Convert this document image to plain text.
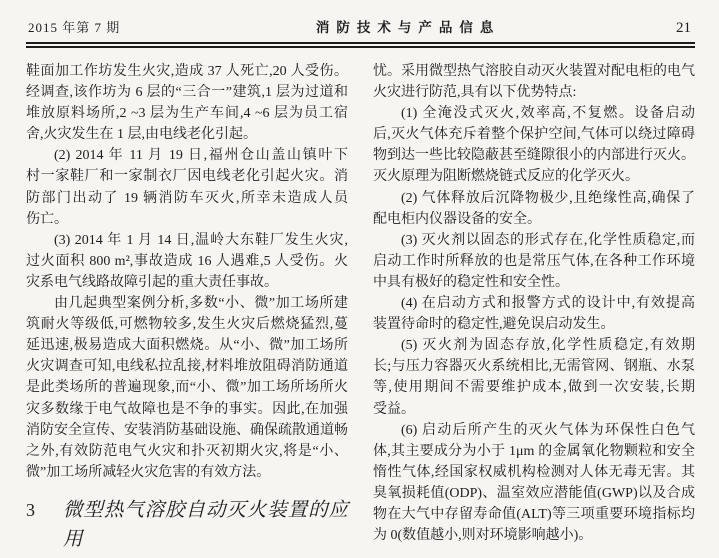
2015 年第 7 期	消防技术与产品信息	21
鞋面加工作坊发生火灾,造成 37 人死亡,20 人受伤。
经调查,该作坊为 6 层的“三合一”建筑,1 层为过道和
堆放原料场所,2 ~3 层为生产车间,4 ~6 层为员工宿
舍,火灾发生在 1 层,由电线老化引起。
(2) 2014 年 11 月 19 日,福州仓山盖山镇叶下
村一家鞋厂和一家制衣厂因电线老化引起火灾。消
防部门出动了 19 辆消防车灭火,所幸未造成人员
伤亡。
(3) 2014 年 1 月 14 日,温岭大东鞋厂发生火灾,
过火面积 800 m²,事故造成 16 人遇难,5 人受伤。火
灾系电气线路故障引起的重大责任事故。
由几起典型案例分析,多数“小、微”加工场所建
筑耐火等级低,可燃物较多,发生火灾后燃烧猛烈,蔓
延迅速,极易造成大面积燃烧。从“小、微”加工场所
火灾调查可知,电线私拉乱接,材料堆放阻碍消防通道
是此类场所的普遍现象,而“小、微”加工场所场所火
灾多数缘于电气故障也是不争的事实。因此,在加强
消防安全宣传、安装消防基础设施、确保疏散通道畅
之外,有效防范电气火灾和扑灭初期火灾,将是“小、
微”加工场所减轻火灾危害的有效方法。
3	微型热气溶胶自动灭火装置的应用
忧。采用微型热气溶胶自动灭火装置对配电柜的电气
火灾进行防范,具有以下优势特点:
(1) 全淹没式灭火,效率高,不复燃。设备启动
后,灭火气体充斥着整个保护空间,气体可以绕过障碍
物到达一些比较隐蔽甚至缝隙很小的内部进行灭火。
灭火原理为阻断燃烧链式反应的化学灭火。
(2) 气体释放后沉降物极少,且绝缘性高,确保了
配电柜内仪器设备的安全。
(3) 灭火剂以固态的形式存在,化学性质稳定,而
启动工作时所释放的也是常压气体,在各种工作环境
中具有极好的稳定性和安全性。
(4) 在启动方式和报警方式的设计中,有效提高
装置待命时的稳定性,避免误启动发生。
(5) 灭火剂为固态存放,化学性质稳定,有效期
长;与压力容器灭火系统相比,无需管网、钢瓶、水泵
等,使用期间不需要维护成本,做到一次安装,长期
受益。
(6) 启动后所产生的灭火气体为环保性白色气
体,其主要成分为小于 1μm 的金属氧化物颗粒和安全
惰性气体,经国家权威机构检测对人体无毒无害。其
臭氧损耗值(ODP)、温室效应潜能值(GWP)以及合成
物在大气中存留寿命值(ALT)等三项重要环境指标均
为 0(数值越小,则对环境影响越小)。
